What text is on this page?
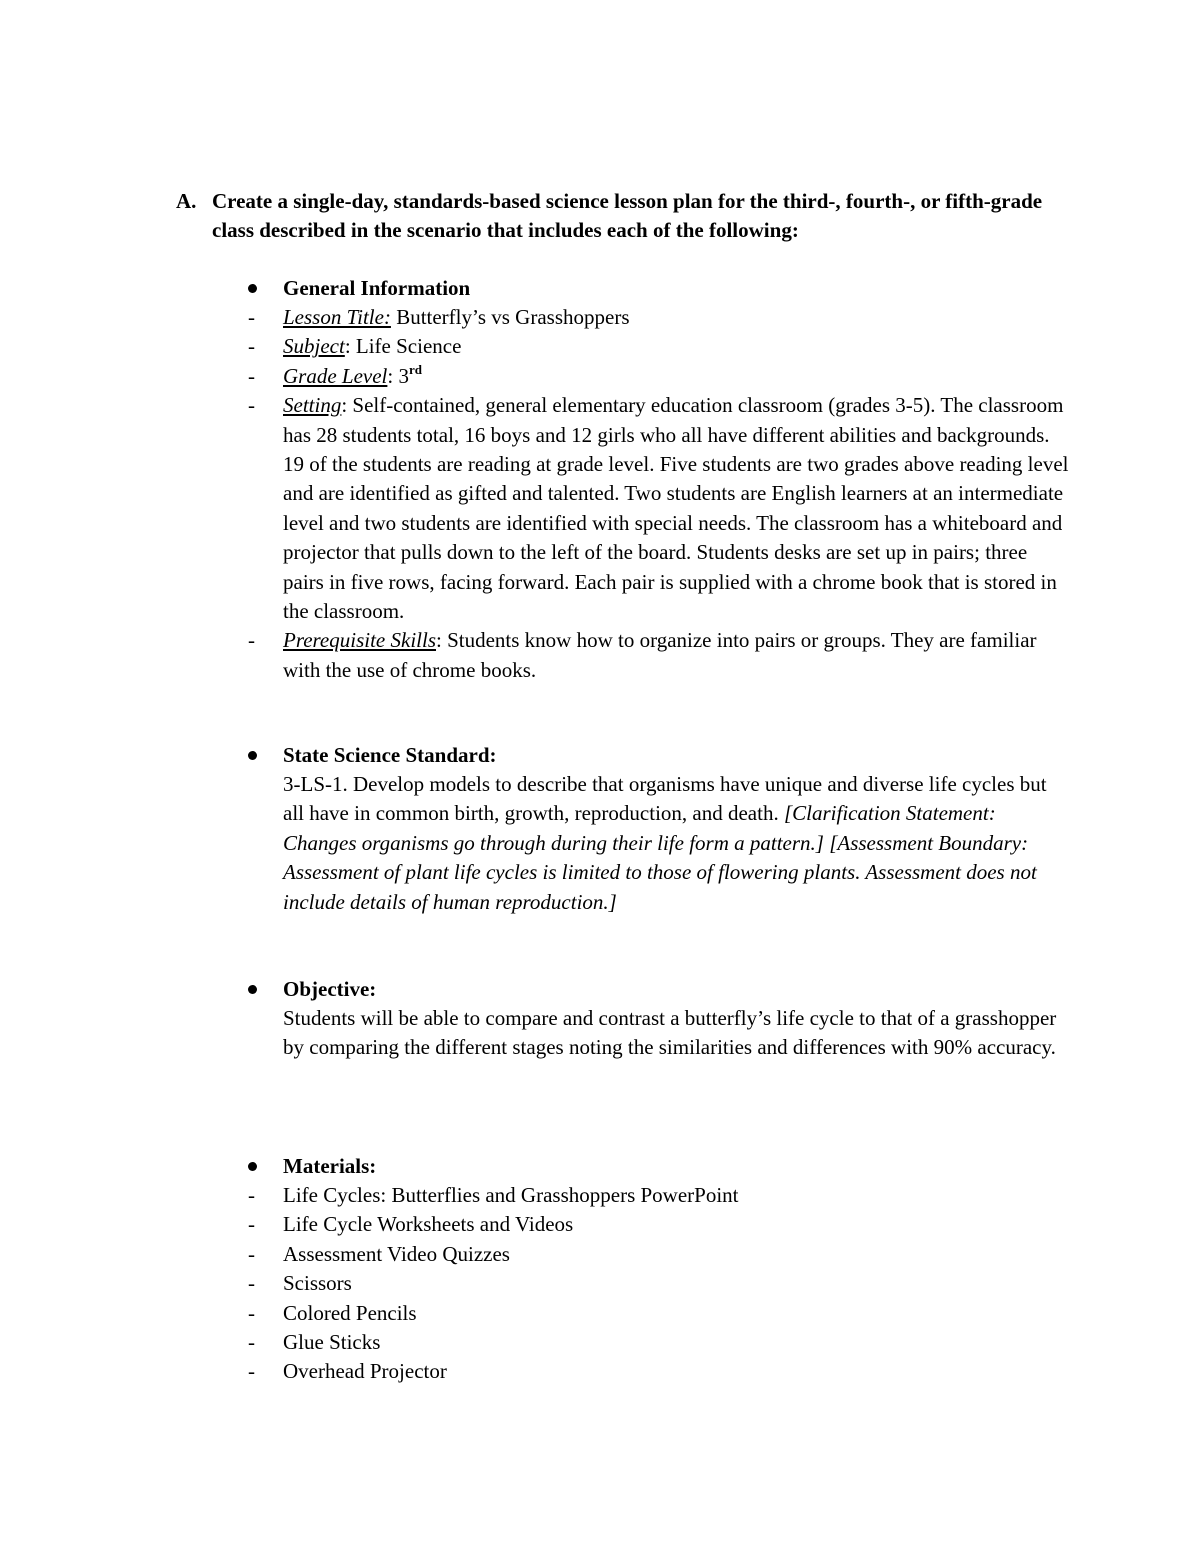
A. Create a single-day, standards-based science lesson plan for the third-, fourth-, or fifth-grade class described in the scenario that includes each of the following:
General Information
- Lesson Title: Butterfly’s vs Grasshoppers
- Subject: Life Science
- Grade Level: 3rd
- Setting: Self-contained, general elementary education classroom (grades 3-5). The classroom has 28 students total, 16 boys and 12 girls who all have different abilities and backgrounds. 19 of the students are reading at grade level. Five students are two grades above reading level and are identified as gifted and talented. Two students are English learners at an intermediate level and two students are identified with special needs. The classroom has a whiteboard and projector that pulls down to the left of the board. Students desks are set up in pairs; three pairs in five rows, facing forward. Each pair is supplied with a chrome book that is stored in the classroom.
- Prerequisite Skills: Students know how to organize into pairs or groups. They are familiar with the use of chrome books.
State Science Standard:
3-LS-1. Develop models to describe that organisms have unique and diverse life cycles but all have in common birth, growth, reproduction, and death. [Clarification Statement: Changes organisms go through during their life form a pattern.] [Assessment Boundary: Assessment of plant life cycles is limited to those of flowering plants. Assessment does not include details of human reproduction.]
Objective:
Students will be able to compare and contrast a butterfly’s life cycle to that of a grasshopper by comparing the different stages noting the similarities and differences with 90% accuracy.
Materials:
- Life Cycles: Butterflies and Grasshoppers PowerPoint
- Life Cycle Worksheets and Videos
- Assessment Video Quizzes
- Scissors
- Colored Pencils
- Glue Sticks
- Overhead Projector
